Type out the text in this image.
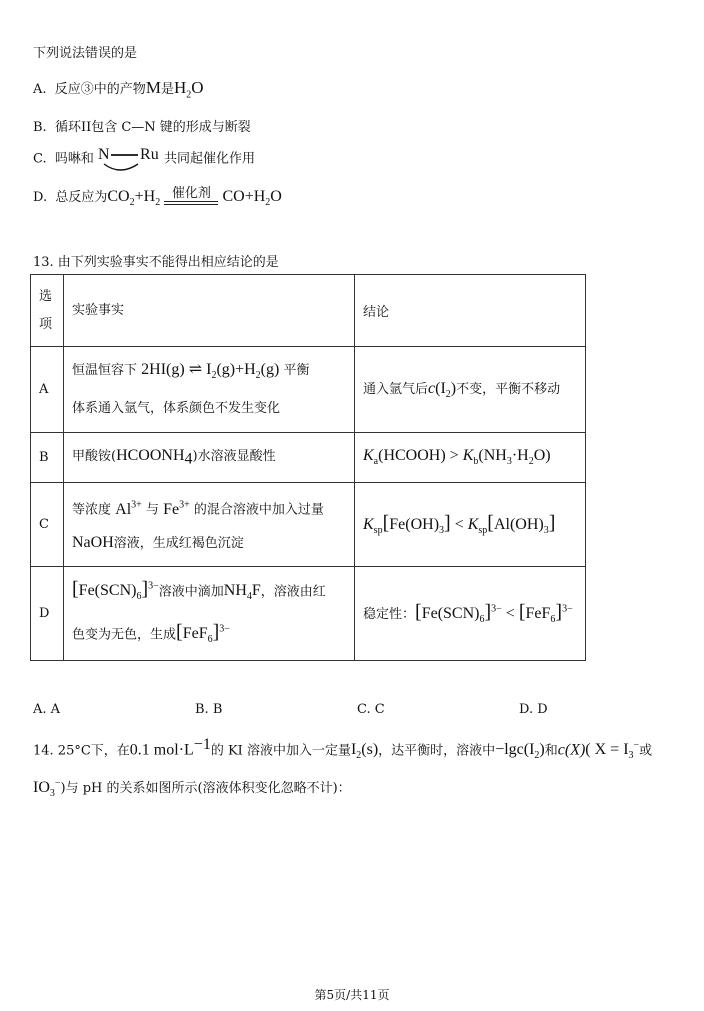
下列说法错误的是
A. 反应③中的产物M是$H_2O$
B. 循环II包含 C—N 键的形成与断裂
C. 吗啉和 N Ru 共同起催化作用
D. 总反应为$CO_2+H_2$
催化剂 $CO+H_2O$
13. 由下列实验事实不能得出相应结论的是
选
项	实验事实	结论
A	恒温恒容下 2HI(g) ⇌ $I_2(g)+H_2(g)$ 平衡
体系通入氩气，体系颜色不发生变化	通入氩气后$c(I_2)$不变，平衡不移动
B	甲酸铵$(HCOONH_4)$水溶液显酸性	$K_a(HCOOH) > K_b(NH_3\cdot H_2O)$
C	等浓度 $Al^{3+}$ 与 $Fe^{3+}$ 的混合溶液中加入过量
NaOH溶液，生成红褐色沉淀	$K_{sp}[Fe(OH)_3] < K_{sp}[Al(OH)_3]$
D	$[Fe(SCN)_6]^{3-}$溶液中滴加$NH_4F$，溶液由红
色变为无色，生成$[FeF_6]^{3-}$	稳定性：$[Fe(SCN)_6]^{3-} < [FeF_6]^{3-}$
A. A	B. B	C. C	D. D
14. 25°C下，在0.1 $mol\cdot L^{-1}$的 KI 溶液中加入一定量$I_2(s)$，达平衡时，溶液中$-\lg c(I_2)$和c(X)( $X = I_3^-$或
$IO_3^-$)与 pH 的关系如图所示(溶液体积变化忽略不计)：
第5页/共11页
